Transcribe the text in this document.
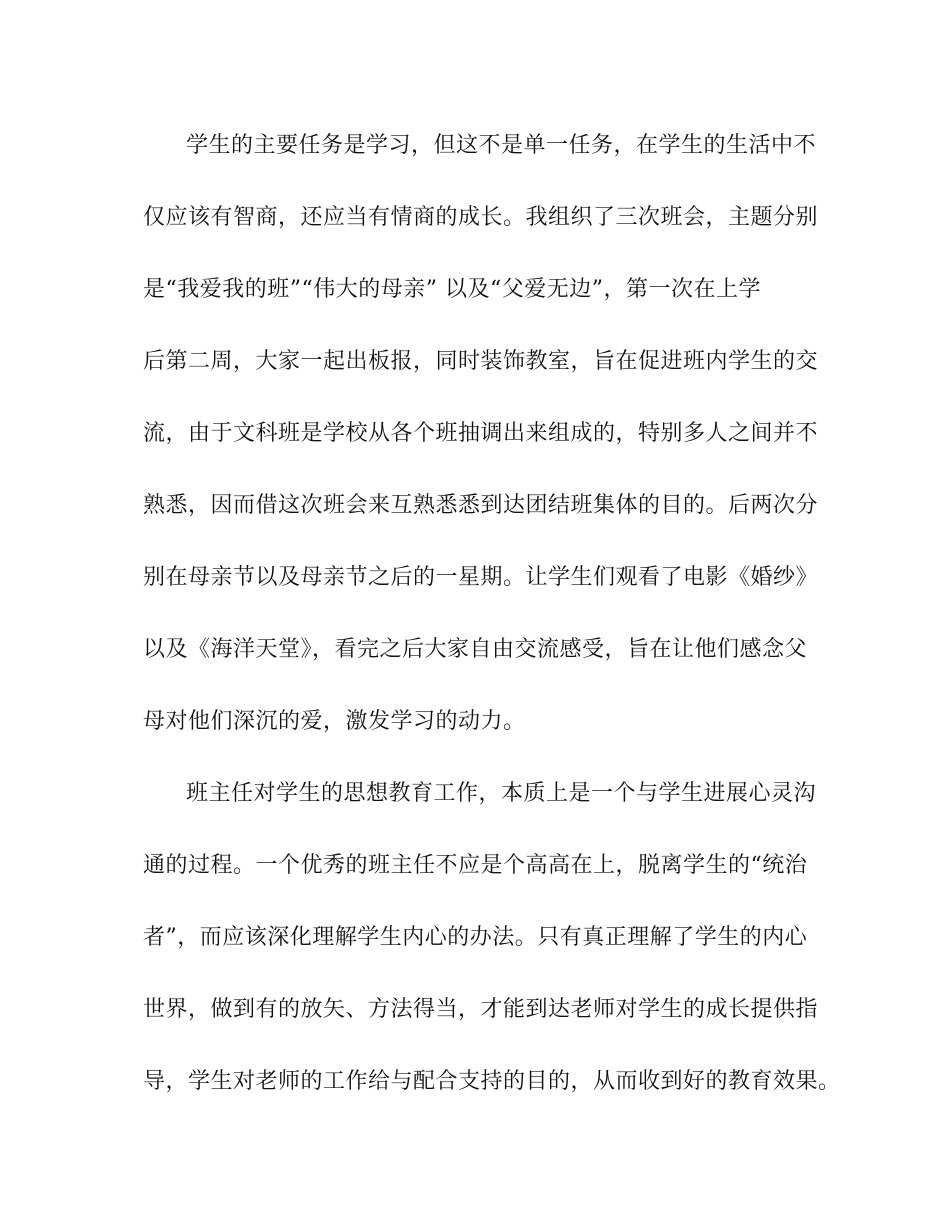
学生的主要任务是学习，但这不是单一任务，在学生的生活中不
仅应该有智商，还应当有情商的成长。我组织了三次班会，主题分别
是“我爱我的班”“伟大的母亲” 以及“父爱无边”，第一次在上学
后第二周，大家一起出板报，同时装饰教室，旨在促进班内学生的交
流，由于文科班是学校从各个班抽调出来组成的，特别多人之间并不
熟悉，因而借这次班会来互熟悉悉到达团结班集体的目的。后两次分
别在母亲节以及母亲节之后的一星期。让学生们观看了电影《婚纱》
以及《海洋天堂》，看完之后大家自由交流感受，旨在让他们感念父
母对他们深沉的爱，激发学习的动力。
班主任对学生的思想教育工作，本质上是一个与学生进展心灵沟
通的过程。一个优秀的班主任不应是个高高在上，脱离学生的“统治
者”，而应该深化理解学生内心的办法。只有真正理解了学生的内心
世界，做到有的放矢、方法得当，才能到达老师对学生的成长提供指
导，学生对老师的工作给与配合支持的目的，从而收到好的教育效果。
